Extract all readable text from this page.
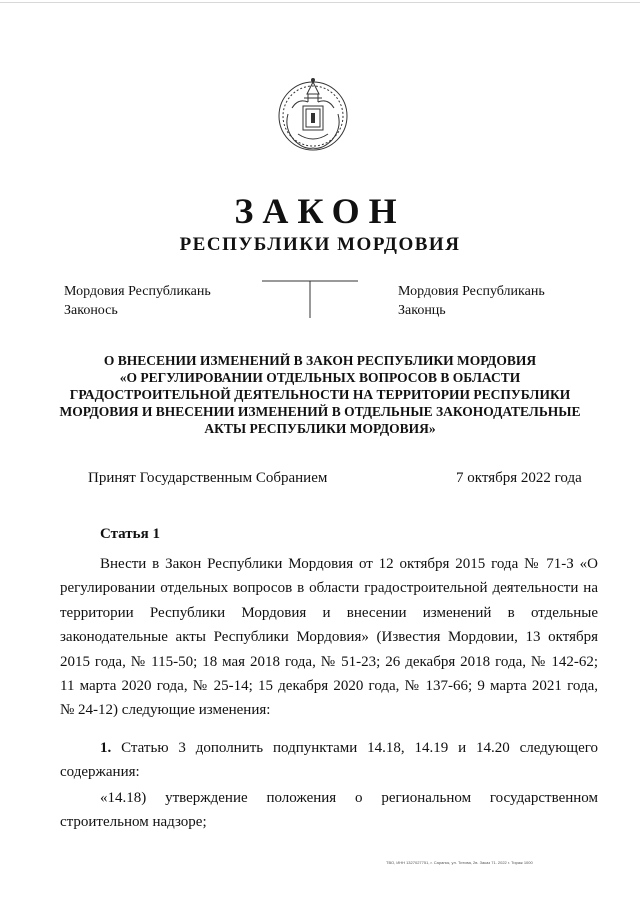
ЗАКОН
РЕСПУБЛИКИ МОРДОВИЯ
Мордовия Республикань
Законось
Мордовия Республикань
Законць
О ВНЕСЕНИИ ИЗМЕНЕНИЙ В ЗАКОН РЕСПУБЛИКИ МОРДОВИЯ
«О РЕГУЛИРОВАНИИ ОТДЕЛЬНЫХ ВОПРОСОВ В ОБЛАСТИ
ГРАДОСТРОИТЕЛЬНОЙ ДЕЯТЕЛЬНОСТИ НА ТЕРРИТОРИИ РЕСПУБЛИКИ
МОРДОВИЯ И ВНЕСЕНИИ ИЗМЕНЕНИЙ В ОТДЕЛЬНЫЕ ЗАКОНОДАТЕЛЬНЫЕ
АКТЫ РЕСПУБЛИКИ МОРДОВИЯ»
Принят Государственным Собранием	7 октября 2022 года
Статья 1
Внести в Закон Республики Мордовия от 12 октября 2015 года № 71-З «О
регулировании отдельных вопросов в области градостроительной деятельности на
территории Республики Мордовия и внесении изменений в отдельные
законодательные акты Республики Мордовия» (Известия Мордовии, 13 октября
2015 года, № 115-50; 18 мая 2018 года, № 51-23; 26 декабря 2018 года, № 142-62;
11 марта 2020 года, № 25-14; 15 декабря 2020 года, № 137-66; 9 марта 2021 года,
№ 24-12) следующие изменения:
1. Статью 3 дополнить подпунктами 14.18, 14.19 и 14.20 следующего
содержания:
«14.18) утверждение положения о региональном государственном
строительном надзоре;
ТВО, ИНН 1327027751, г. Саранск, ул. Титова, 2в. Заказ 71. 2022 г. Тираж 1000
